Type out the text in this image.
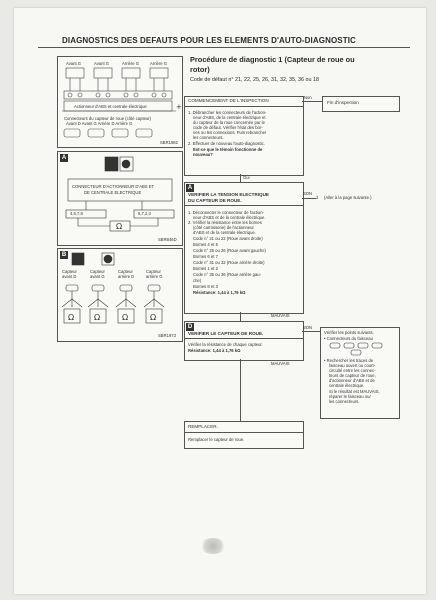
DIAGNOSTICS DES DEFAUTS POUR LES ELEMENTS D'AUTO-DIAGNOSTIC
Avant G	Avant G	Arrière G	Arrière G
+
Actionneur d'ABS et centrale électrique
Connecteurs du capteur de roue (côté capteur)
Avant D Avant G Arrière D Arrière G
SBR1982
A
Ω
CONNECTEUR D'ACTIONNEUR D'ABS ET
DE CENTRALE ELECTRIQUE
4,6,7,8	5,7,2,3
SBR846D
B
Ω Ω	Ω	Ω
Capteur avant D
Capteur avant G
Capteur arrière D
Capteur arrière G
SBR1973
Procédure de diagnostic 1 (Capteur de roue ou
rotor)
Code de défaut n° 21, 22, 25, 26, 31, 32, 35, 36 ou 18
COMMENCEMENT DE L'INSPECTION
1. Débrancher les connecteurs de l'action-
neur d'ABS, de la centrale électrique et
du capteur de la roue concernée par le
code de défaut. Vérifier l'état des bor-
nes ou les connexions. Puis rebrancher
les connecteurs.
2. Effectuer de nouveau l'auto-diagnostic.
Est-ce que le témoin fonctionne de
nouveau?
Non
Fin d'inspection
Oui
A
VERIFIER LA TENSION ELECTRIQUE
DU CAPTEUR DE ROUE.
1. Déconnecter le connecteur de l'action-
neur d'ABS et de la centrale électrique.
2. Vérifier la résistance entre les bornes
(côté carrosserie) de l'actionneur
d'ABS et de la centrale électrique.
Code n° 21 ou 22 (Roue avant droite)
Bornes 4 et 5
Code n° 25 ou 26 (Roue avant gauche)
Bornes 6 et 7
Code n° 31 ou 32 (Roue arrière droite)
Bornes 1 et 2
Code n° 35 ou 36 (Roue arrière gau-
che)
Bornes 8 et 3
Résistance: 1,44 à 1,76 kΩ
BON
2 (Aller à la page suivante.)
MAUVAIS
D
VERIFIER LE CAPTEUR DE ROUE.
Vérifier la résistance de chaque capteur.
Résistance: 1,44 à 1,76 kΩ
BON
MAUVAIS
Vérifier les points suivants.
• Connecteurs du faisceau
• Rechercher les traces de
faisceau ouvert ou court-
circuité entre les connec-
teurs de capteur de roue,
d'actionneur d'ABS et de
centrale électrique.
Si le résultat est MAUVAIS,
réparer le faisceau ou/
les connecteurs.
REMPLACER.
Remplacer le capteur de roue.
